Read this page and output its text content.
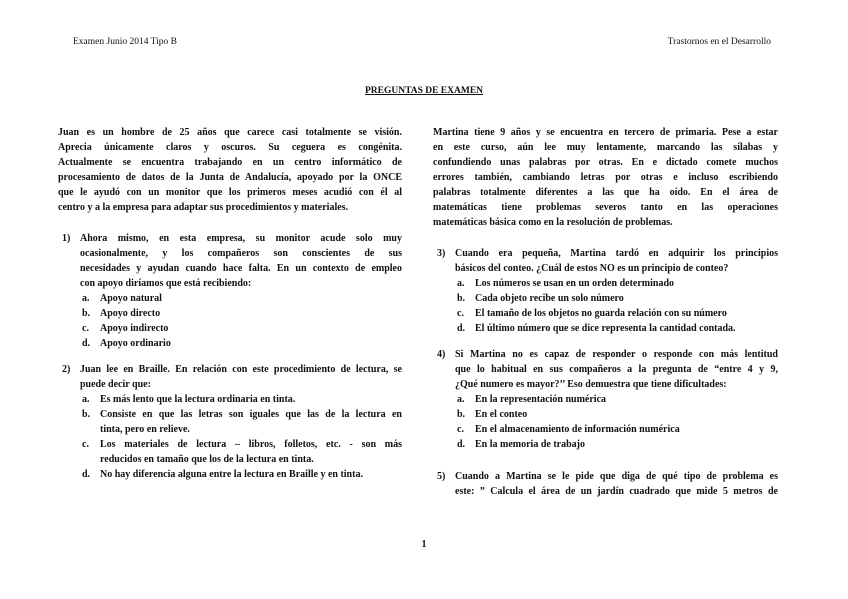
Examen Junio 2014 Tipo B	Trastornos en el Desarrollo
PREGUNTAS DE EXAMEN
Juan es un hombre de 25 años que carece casi totalmente se visión.
Aprecia únicamente claros y oscuros. Su ceguera es congénita.
Actualmente se encuentra trabajando en un centro informático de
procesamiento de datos de la Junta de Andalucía, apoyado por la ONCE
que le ayudó con un monitor que los primeros meses acudió con él al
centro y a la empresa para adaptar sus procedimientos y materiales.
1) Ahora mismo, en esta empresa, su monitor acude solo muy
ocasionalmente, y los compañeros son conscientes de sus
necesidades y ayudan cuando hace falta. En un contexto de empleo
con apoyo diríamos que está recibiendo:
a. Apoyo natural
b. Apoyo directo
c. Apoyo indirecto
d. Apoyo ordinario
2) Juan lee en Braille. En relación con este procedimiento de lectura, se
puede decir que:
a. Es más lento que la lectura ordinaria en tinta.
b. Consiste en que las letras son iguales que las de la lectura en
tinta, pero en relieve.
c. Los materiales de lectura – libros, folletos, etc. - son más
reducidos en tamaño que los de la lectura en tinta.
d. No hay diferencia alguna entre la lectura en Braille y en tinta.
Martina tiene 9 años y se encuentra en tercero de primaria. Pese a estar
en este curso, aún lee muy lentamente, marcando las sílabas y
confundiendo unas palabras por otras. En e dictado comete muchos
errores también, cambiando letras por otras e incluso escribiendo
palabras totalmente diferentes a las que ha oído. En el área de
matemáticas tiene problemas severos tanto en las operaciones
matemáticas básica como en la resolución de problemas.
3) Cuando era pequeña, Martina tardó en adquirir los principios
básicos del conteo. ¿Cuál de estos NO es un principio de conteo?
a. Los números se usan en un orden determinado
b. Cada objeto recibe un solo número
c. El tamaño de los objetos no guarda relación con su número
d. El último número que se dice representa la cantidad contada.
4) Si Martina no es capaz de responder o responde con más lentitud
que lo habitual en sus compañeros a la pregunta de “entre 4 y 9,
¿Qué numero es mayor?’’ Eso demuestra que tiene dificultades:
a. En la representación numérica
b. En el conteo
c. En el almacenamiento de información numérica
d. En la memoria de trabajo
5) Cuando a Martina se le pide que diga de qué tipo de problema es
este: ” Calcula el área de un jardín cuadrado que mide 5 metros de
1
